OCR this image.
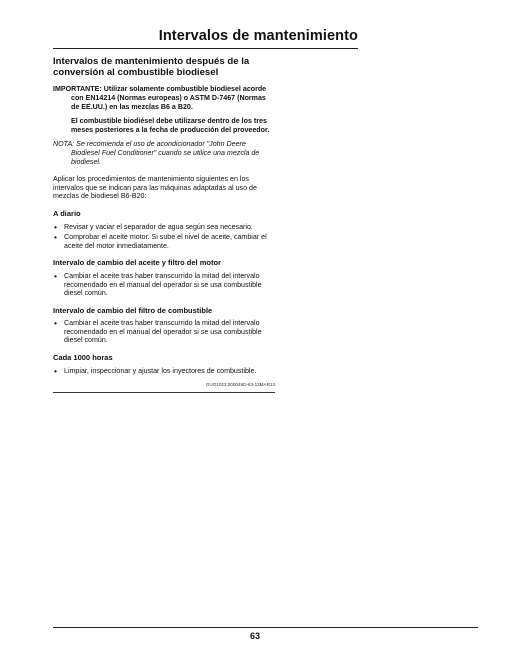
Intervalos de mantenimiento
Intervalos de mantenimiento después de la conversión al combustible biodiesel
IMPORTANTE: Utilizar solamente combustible biodiesel acorde con EN14214 (Normas europeas) o ASTM D-7467 (Normas de EE.UU.) en las mezclas B6 a B20.
El combustible biodiésel debe utilizarse dentro de los tres meses posteriores a la fecha de producción del proveedor.
NOTA: Se recomienda el uso de acondicionador "John Deere Biodiesel Fuel Conditioner" cuando se utilice una mezcla de biodiesel.
Aplicar los procedimientos de mantenimiento siguientes en los intervalos que se indican para las máquinas adaptadas al uso de mezclas de biodiesel B6-B20:
A diario
• Revisar y vaciar el separador de agua según sea necesario.
• Comprobar el aceite motor. Si sube el nivel de aceite, cambiar el aceite del motor inmediatamente.
Intervalo de cambio del aceite y filtro del motor
• Cambiar el aceite tras haber transcurrido la mitad del intervalo recomendado en el manual del operador si se usa combustible diesel común.
Intervalo de cambio del filtro de combustible
• Cambiar el aceite tras haber transcurrido la mitad del intervalo recomendado en el manual del operador si se usa combustible diesel común.
Cada 1000 horas
• Limpiar, inspeccionar y ajustar los inyectores de combustible.
GUO1023,000049D-63-13MAR13
63
